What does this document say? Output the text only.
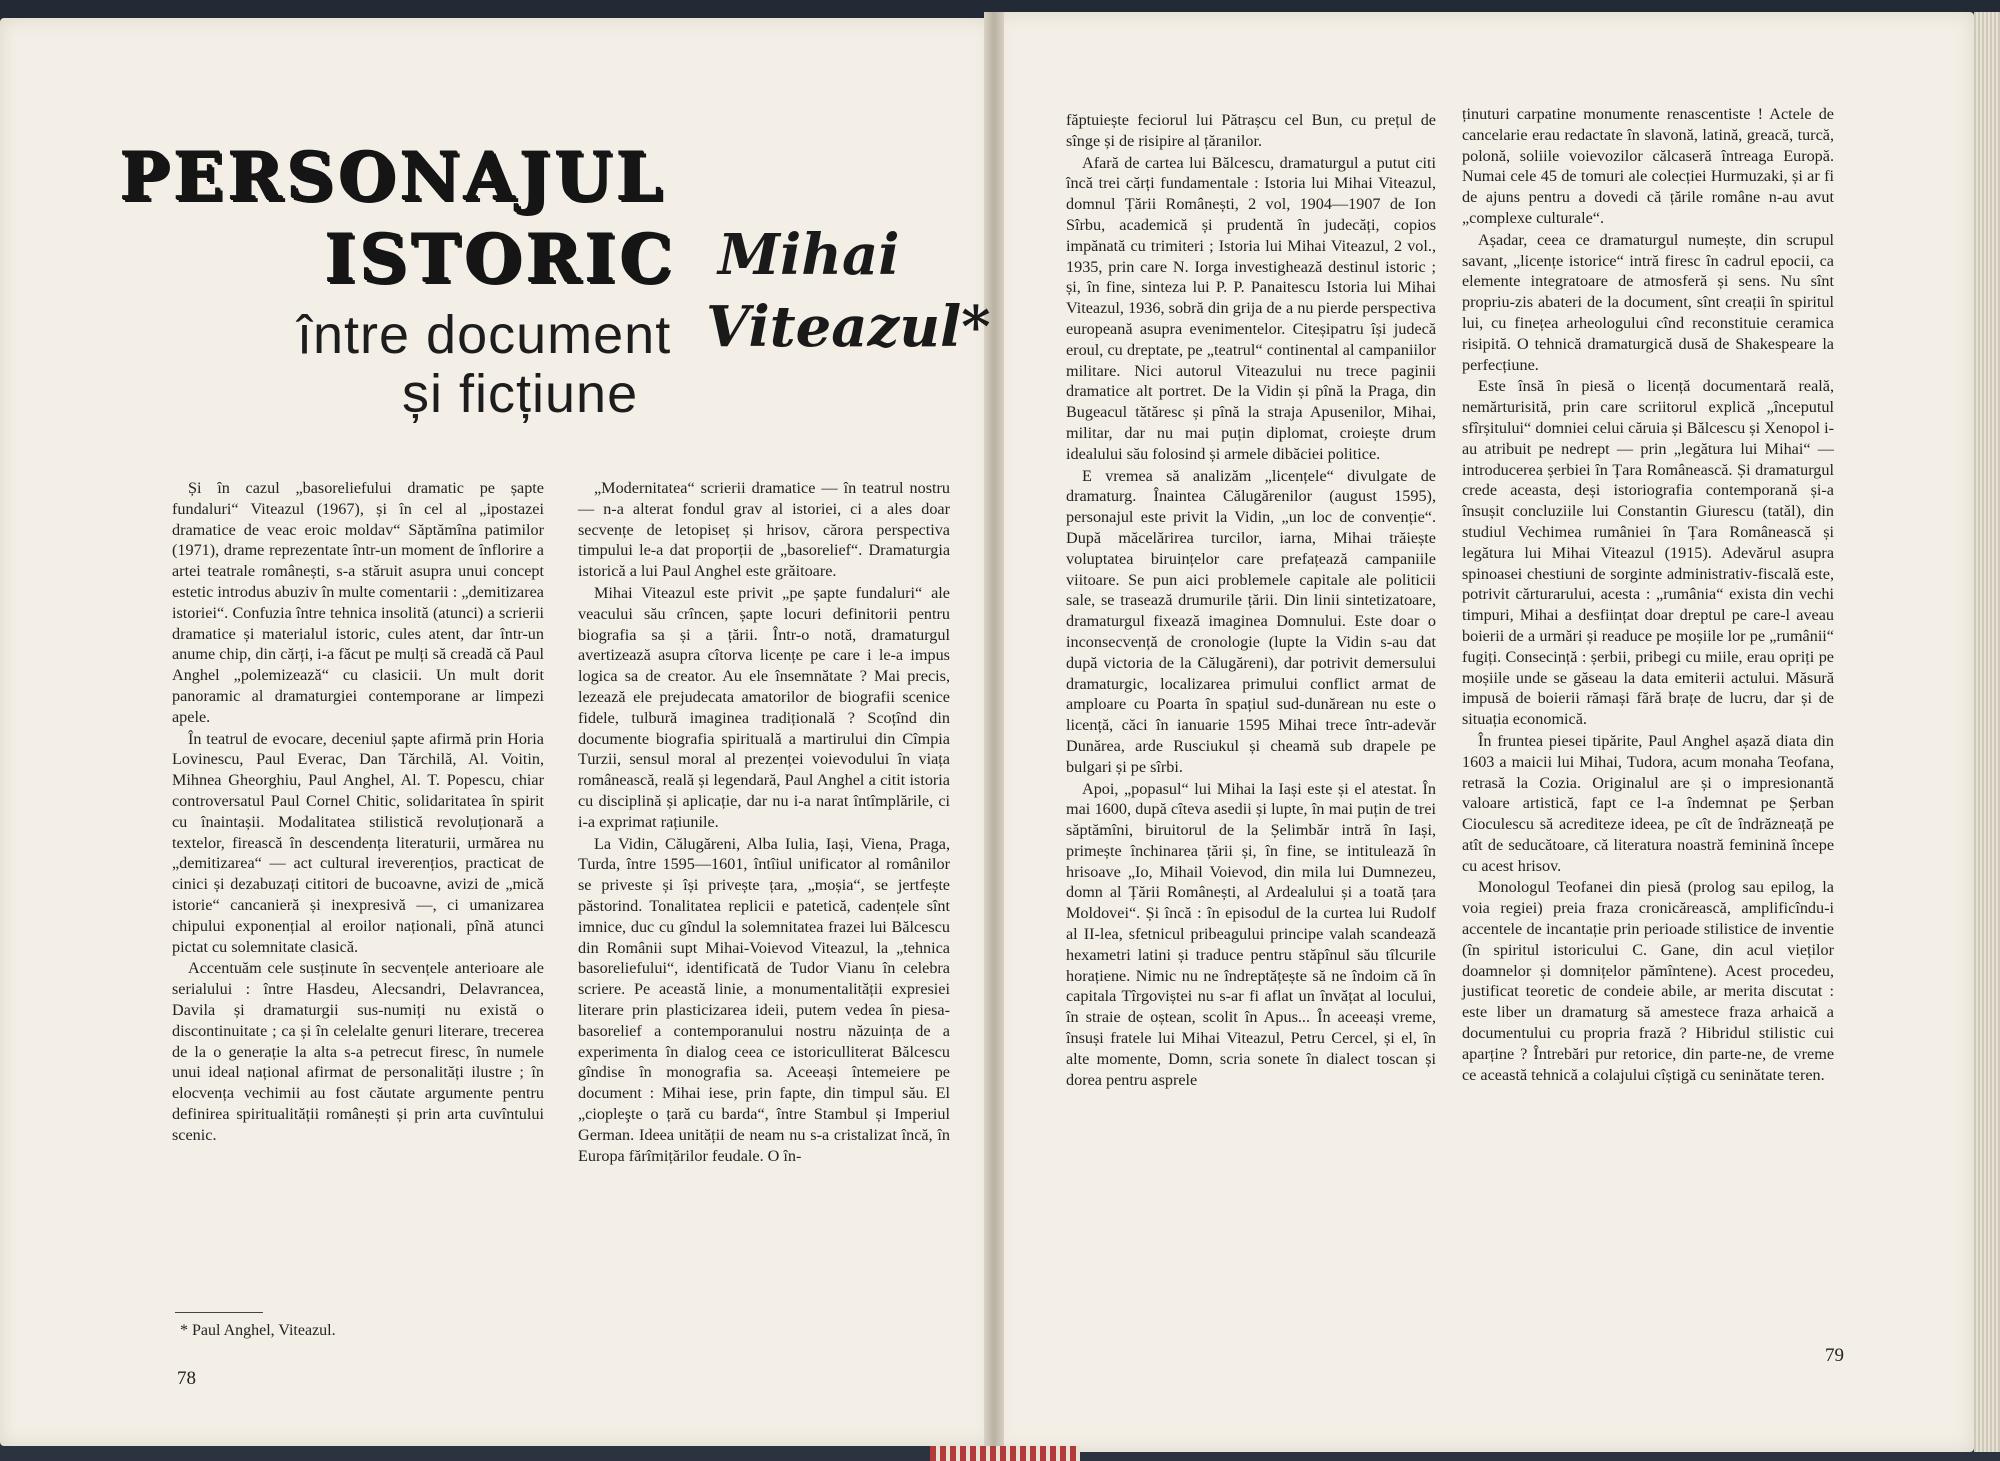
PERSONAJUL
ISTORIC
între document
și ficțiune
Mihai
Viteazul*

Și în cazul „basoreliefului dramatic pe șapte fundaluri“ Viteazul (1967), și în cel al „ipostazei dramatice de veac eroic moldav“ Săptămîna patimilor (1971), drame reprezentate într-un moment de înflorire a artei teatrale românești, s-a stăruit asupra unui concept estetic introdus abuziv în multe comentarii : „demitizarea istoriei“. Confuzia între tehnica insolită (atunci) a scrierii dramatice și materialul istoric, cules atent, dar într-un anume chip, din cărți, i-a făcut pe mulți să creadă că Paul Anghel „polemizează“ cu clasicii. Un mult dorit panoramic al dramaturgiei contemporane ar limpezi apele.

În teatrul de evocare, deceniul șapte afirmă prin Horia Lovinescu, Paul Everac, Dan Tărchilă, Al. Voitin, Mihnea Gheorghiu, Paul Anghel, Al. T. Popescu, chiar controversatul Paul Cornel Chitic, solidaritatea în spirit cu înaintașii. Modalitatea stilistică revoluționară a textelor, firească în descendența literaturii, urmărea nu „demitizarea“ — act cultural ireverențios, practicat de cinici și dezabuzați cititori de bucoavne, avizi de „mică istorie“ cancanieră și inexpresivă —, ci umanizarea chipului exponențial al eroilor naționali, pînă atunci pictat cu solemnitate clasică.

Accentuăm cele susținute în secvențele anterioare ale serialului : între Hasdeu, Alecsandri, Delavrancea, Davila și dramaturgii sus-numiți nu există o discontinuitate ; ca și în celelalte genuri literare, trecerea de la o generație la alta s-a petrecut firesc, în numele unui ideal național afirmat de personalități ilustre ; în elocvența vechimii au fost căutate argumente pentru definirea spiritualității românești și prin arta cuvîntului scenic.

* Paul Anghel, Viteazul.
78

„Modernitatea“ scrierii dramatice — în teatrul nostru — n-a alterat fondul grav al istoriei, ci a ales doar secvențe de letopiseț și hrisov, cărora perspectiva timpului le-a dat proporții de „basorelief“. Dramaturgia istorică a lui Paul Anghel este grăitoare.

Mihai Viteazul este privit „pe șapte fundaluri“ ale veacului său crîncen, șapte locuri definitorii pentru biografia sa și a țării. Într-o notă, dramaturgul avertizează asupra cîtorva licențe pe care i le-a impus logica sa de creator. Au ele însemnătate ? Mai precis, lezează ele prejudecata amatorilor de biografii scenice fidele, tulbură imaginea tradițională ? Scoțînd din documente biografia spirituală a martirului din Cîmpia Turzii, sensul moral al prezenței voievodului în viața românească, reală și legendară, Paul Anghel a citit istoria cu disciplină și aplicație, dar nu i-a narat întîmplările, ci i-a exprimat rațiunile.

La Vidin, Călugăreni, Alba Iulia, Iași, Viena, Praga, Turda, între 1595—1601, întîiul unificator al românilor se priveste și își privește țara, „moșia“, se jertfește păstorind. Tonalitatea replicii e patetică, cadențele sînt imnice, duc cu gîndul la solemnitatea frazei lui Bălcescu din Românii supt Mihai-Voievod Viteazul, la „tehnica basoreliefului“, identificată de Tudor Vianu în celebra scriere. Pe această linie, a monumentalității expresiei literare prin plasticizarea ideii, putem vedea în piesa-basorelief a contemporanului nostru năzuința de a experimenta în dialog ceea ce istoriculliterat Bălcescu gîndise în monografia sa. Aceeași întemeiere pe document : Mihai iese, prin fapte, din timpul său. El „ciopleşte o țară cu barda“, între Stambul și Imperiul German. Ideea unității de neam nu s-a cristalizat încă, în Europa fărîmițărilor feudale. O în-

făptuiește feciorul lui Pătrașcu cel Bun, cu prețul de sînge și de risipire al țăranilor.

Afară de cartea lui Bălcescu, dramaturgul a putut citi încă trei cărți fundamentale : Istoria lui Mihai Viteazul, domnul Țării Românești, 2 vol, 1904—1907 de Ion Sîrbu, academică și prudentă în judecăți, copios impănată cu trimiteri ; Istoria lui Mihai Viteazul, 2 vol., 1935, prin care N. Iorga investighează destinul istoric ; și, în fine, sinteza lui P. P. Panaitescu Istoria lui Mihai Viteazul, 1936, sobră din grija de a nu pierde perspectiva europeană asupra evenimentelor. Citeșipatru își judecă eroul, cu dreptate, pe „teatrul“ continental al campaniilor militare. Nici autorul Viteazului nu trece paginii dramatice alt portret. De la Vidin și pînă la Praga, din Bugeacul tătăresc și pînă la straja Apusenilor, Mihai, militar, dar nu mai puțin diplomat, croiește drum idealului său folosind și armele dibăciei politice.

E vremea să analizăm „licențele“ divulgate de dramaturg. Înaintea Călugărenilor (august 1595), personajul este privit la Vidin, „un loc de convenție“. După măcelărirea turcilor, iarna, Mihai trăiește voluptatea biruințelor care prefațează campaniile viitoare. Se pun aici problemele capitale ale politicii sale, se trasează drumurile țării. Din linii sintetizatoare, dramaturgul fixează imaginea Domnului. Este doar o inconsecvență de cronologie (lupte la Vidin s-au dat după victoria de la Călugăreni), dar potrivit demersului dramaturgic, localizarea primului conflict armat de amploare cu Poarta în spațiul sud-dunărean nu este o licență, căci în ianuarie 1595 Mihai trece într-adevăr Dunărea, arde Rusciukul și cheamă sub drapele pe bulgari și pe sîrbi.

Apoi, „popasul“ lui Mihai la Iași este și el atestat. În mai 1600, după cîteva asedii și lupte, în mai puțin de trei săptămîni, biruitorul de la Șelimbăr intră în Iași, primește închinarea țării și, în fine, se intitulează în hrisoave „Io, Mihail Voievod, din mila lui Dumnezeu, domn al Țării Românești, al Ardealului și a toată țara Moldovei“. Și încă : în episodul de la curtea lui Rudolf al II-lea, sfetnicul pribeagului principe valah scandează hexametri latini și traduce pentru stăpînul său tîlcurile horațiene. Nimic nu ne îndreptățește să ne îndoim că în capitala Tîrgoviștei nu s-ar fi aflat un învățat al locului, în straie de oștean, scolit în Apus... În aceeași vreme, însuși fratele lui Mihai Viteazul, Petru Cercel, și el, în alte momente, Domn, scria sonete în dialect toscan și dorea pentru asprele

ținuturi carpatine monumente renascentiste ! Actele de cancelarie erau redactate în slavonă, latină, greacă, turcă, polonă, soliile voievozilor călcaseră întreaga Europă. Numai cele 45 de tomuri ale colecției Hurmuzaki, și ar fi de ajuns pentru a dovedi că țările române n-au avut „complexe culturale“.

Așadar, ceea ce dramaturgul numește, din scrupul savant, „licențe istorice“ intră firesc în cadrul epocii, ca elemente integratoare de atmosferă și sens. Nu sînt propriu-zis abateri de la document, sînt creații în spiritul lui, cu finețea arheologului cînd reconstituie ceramica risipită. O tehnică dramaturgică dusă de Shakespeare la perfecțiune.

Este însă în piesă o licență documentară reală, nemărturisită, prin care scriitorul explică „începutul sfîrșitului“ domniei celui căruia și Bălcescu și Xenopol i-au atribuit pe nedrept — prin „legătura lui Mihai“ — introducerea șerbiei în Țara Românească. Și dramaturgul crede aceasta, deși istoriografia contemporană și-a însușit concluziile lui Constantin Giurescu (tatăl), din studiul Vechimea rumâniei în Țara Românească și legătura lui Mihai Viteazul (1915). Adevărul asupra spinoasei chestiuni de sorginte administrativ-fiscală este, potrivit cărturarului, acesta : „rumânia“ exista din vechi timpuri, Mihai a desființat doar dreptul pe care-l aveau boierii de a urmări și readuce pe moșiile lor pe „rumânii“ fugiți. Consecință : șerbii, pribegi cu miile, erau opriți pe moșiile unde se găseau la data emiterii actului. Măsură impusă de boierii rămași fără brațe de lucru, dar și de situația economică.

În fruntea piesei tipărite, Paul Anghel așază diata din 1603 a maicii lui Mihai, Tudora, acum monaha Teofana, retrasă la Cozia. Originalul are și o impresionantă valoare artistică, fapt ce l-a îndemnat pe Șerban Cioculescu să acrediteze ideea, pe cît de îndrăzneață pe atît de seducătoare, că literatura noastră feminină începe cu acest hrisov.

Monologul Teofanei din piesă (prolog sau epilog, la voia regiei) preia fraza cronicărească, amplificîndu-i accentele de incantație prin perioade stilistice de inventie (în spiritul istoricului C. Gane, din acul vieților doamnelor și domnițelor pămîntene). Acest procedeu, justificat teoretic de condeie abile, ar merita discutat : este liber un dramaturg să amestece fraza arhaică a documentului cu propria frază ? Hibridul stilistic cui aparține ? Întrebări pur retorice, din parte-ne, de vreme ce această tehnică a colajului cîștigă cu seninătate teren.

79
